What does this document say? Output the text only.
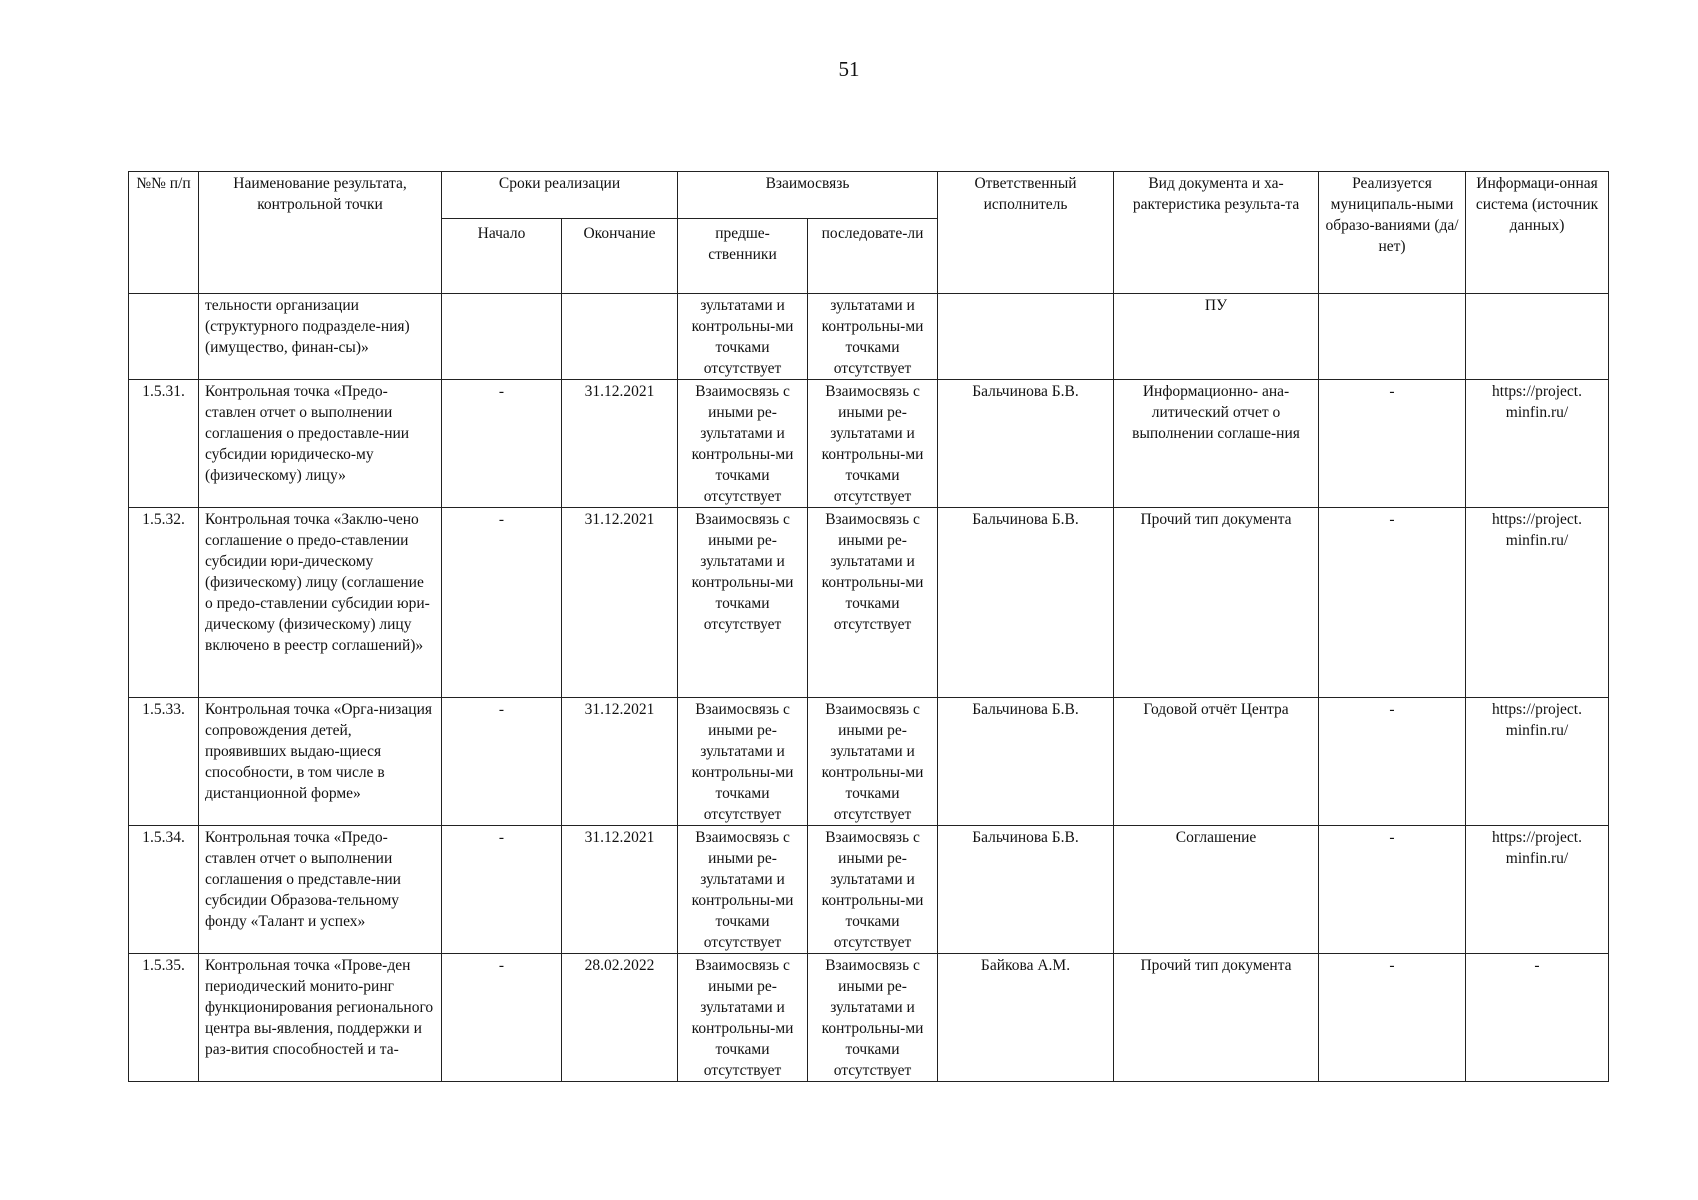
51
№№ п/п	Наименование результата, контрольной точки	Сроки реализации		Взаимосвязь		Ответственный исполнитель	Вид документа и ха-рактеристика результа-та	Реализуется муниципаль-ными образо-ваниями (да/нет)	Информаци-онная система (источник данных)
		Начало	Окончание	предше-ственники	последовате-ли				
	тельности организации (структурного подразделе-ния) (имущество, финан-сы)»			зультатами и контрольны-ми точками отсутствует	зультатами и контрольны-ми точками отсутствует		ПУ		
1.5.31.	Контрольная точка «Предо-ставлен отчет о выполнении соглашения о предоставле-нии субсидии юридическо-му (физическому) лицу»	-	31.12.2021	Взаимосвязь с иными ре-зультатами и контрольны-ми точками отсутствует	Взаимосвязь с иными ре-зультатами и контрольны-ми точками отсутствует	Бальчинова Б.В.	Информационно- ана-литический отчет о выполнении соглаше-ния	-	https://project. minfin.ru/
1.5.32.	Контрольная точка «Заклю-чено соглашение о предо-ставлении субсидии юри-дическому (физическому) лицу (соглашение о предо-ставлении субсидии юри-дическому (физическому) лицу включено в реестр соглашений)»	-	31.12.2021	Взаимосвязь с иными ре-зультатами и контрольны-ми точками отсутствует	Взаимосвязь с иными ре-зультатами и контрольны-ми точками отсутствует	Бальчинова Б.В.	Прочий тип документа	-	https://project. minfin.ru/
1.5.33.	Контрольная точка «Орга-низация сопровождения детей, проявивших выдаю-щиеся способности, в том числе в дистанционной форме»	-	31.12.2021	Взаимосвязь с иными ре-зультатами и контрольны-ми точками отсутствует	Взаимосвязь с иными ре-зультатами и контрольны-ми точками отсутствует	Бальчинова Б.В.	Годовой отчёт Центра	-	https://project. minfin.ru/
1.5.34.	Контрольная точка «Предо-ставлен отчет о выполнении соглашения о представле-нии субсидии Образова-тельному фонду «Талант и успех»	-	31.12.2021	Взаимосвязь с иными ре-зультатами и контрольны-ми точками отсутствует	Взаимосвязь с иными ре-зультатами и контрольны-ми точками отсутствует	Бальчинова Б.В.	Соглашение	-	https://project. minfin.ru/
1.5.35.	Контрольная точка «Прове-ден периодический монито-ринг функционирования регионального центра вы-явления, поддержки и раз-вития способностей и та-	-	28.02.2022	Взаимосвязь с иными ре-зультатами и контрольны-ми точками отсутствует	Взаимосвязь с иными ре-зультатами и контрольны-ми точками отсутствует	Байкова А.М.	Прочий тип документа	-	-
